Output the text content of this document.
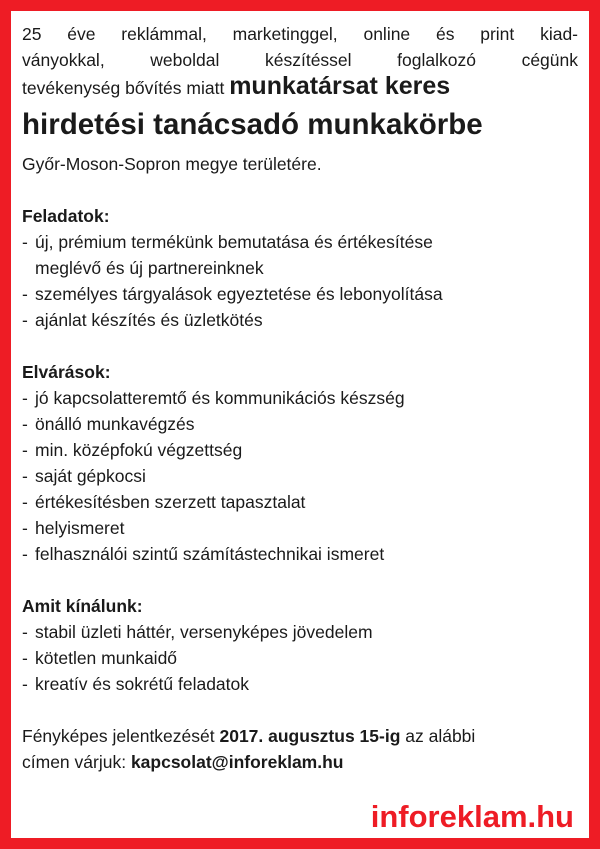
25 éve reklámmal, marketinggel, online és print kiad-

ványokkal, weboldal készítéssel foglalkozó cégünk

tevékenység bővítés miatt munkatársat keres

hirdetési tanácsadó munkakörbe
Győr-Moson-Sopron megye területére.

Feladatok:

- új, prémium termékünk bemutatása és értékesítése
meglévő és új partnereinknek
- személyes tárgyalások egyeztetése és lebonyolítása
- ajánlat készítés és üzletkötés

Elvárások:

- jó kapcsolatteremtő és kommunikációs készség
- önálló munkavégzés
- min. középfokú végzettség
- saját gépkocsi
- értékesítésben szerzett tapasztalat
- helyismeret
- felhasználói szintű számítástechnikai ismeret

Amit kínálunk:

- stabil üzleti háttér, versenyképes jövedelem
- kötetlen munkaidő
- kreatív és sokrétű feladatok
Fényképes jelentkezését 2017. augusztus 15-ig az alábbi
címen várjuk: kapcsolat@inforeklam.hu
inforeklam.hu
